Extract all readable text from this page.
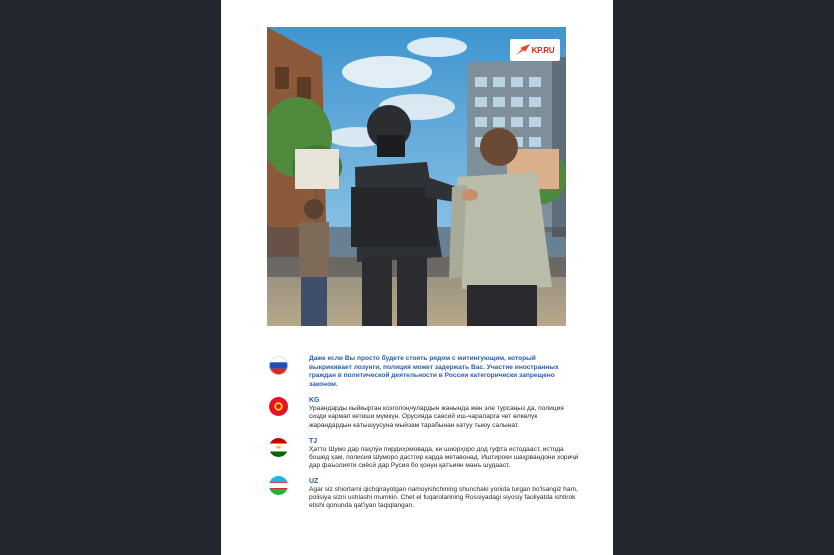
KP.RU
Даже если Вы просто будете стоять рядом с митингующим, который выкрикивает лозунги, полиция может задержать Вас. Участие иностранных граждан в политической деятельности в России категорически запрещено законом.
KG
Ураандарды кыйкырган козголоңчулардын жанында жөн эле турсаңыз да, полиция сизди кармап кетиши мүмкүн. Орусияда саясий иш-чараларга чет өлкөлүк жарандардын катышуусуна мыйзам тарабынан катуу тыюу салынат.
TJ
Ҳатто Шумо дар паҳлӯи пирдиҳомовада, ки шиорҳоро дод гуфта истодааст, истода бошед ҳам, полисия Шуморо дастгир карда метавонад. Иштироки шаҳрвандони хориҷӣ дар фаъолияти сиёсӣ дар Русия бо қонун қатъиян манъ шудааст.
UZ
Agar siz shiorlarni qichqirayotgan namoyishchining shunchaki yonida turgan bo'lsangiz ham, polisiya sizni ushlashi mumkin. Chet el fuqarolarining Rossiyadagi siyosiy faoliyatda ishtirok etishi qonunda qat'iyan taqiqlangan.
